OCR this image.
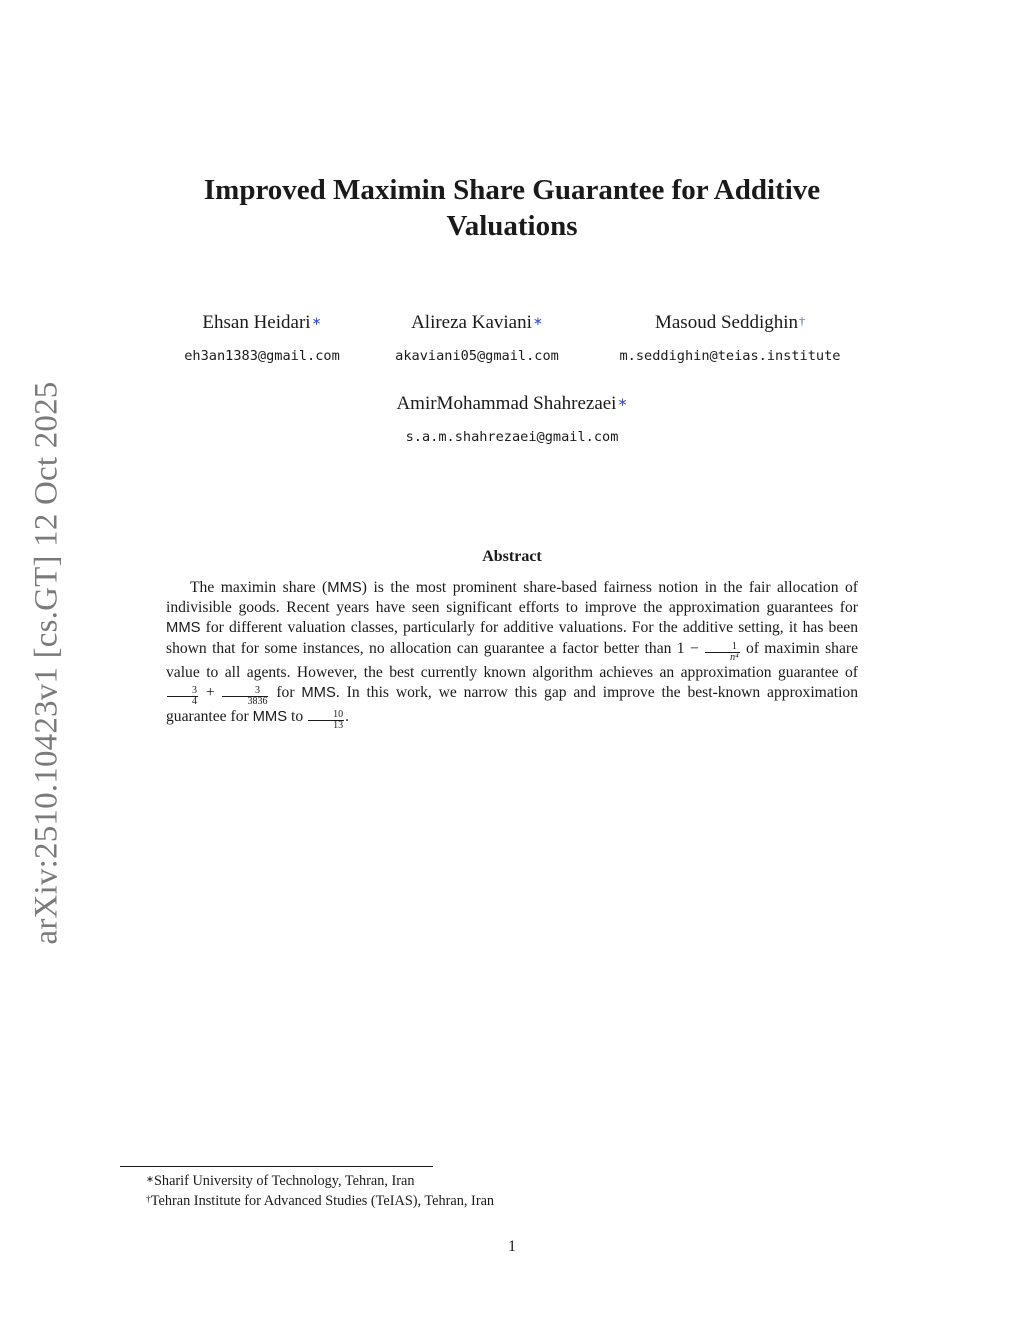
arXiv:2510.10423v1 [cs.GT] 12 Oct 2025
Improved Maximin Share Guarantee for Additive Valuations
Ehsan Heidari∗
eh3an1383@gmail.com
Alireza Kaviani∗
akaviani05@gmail.com
Masoud Seddighin†
m.seddighin@teias.institute
AmirMohammad Shahrezaei∗
s.a.m.shahrezaei@gmail.com
Abstract

The maximin share (MMS) is the most prominent share-based fairness notion in the fair allocation of indivisible goods. Recent years have seen significant efforts to improve the approximation guarantees for MMS for different valuation classes, particularly for additive valuations. For the additive setting, it has been shown that for some instances, no allocation can guarantee a factor better than $1 - \frac{1}{\text{n⁴}}$ of maximin share value to all agents. However, the best currently known algorithm achieves an approximation guarantee of
$\frac{3}{4} + \frac{3}{3836}$ for MMS. In this work, we narrow this gap and improve the best-known approximation guarantee for MMS to $\frac{10}{13}$ .

∗Sharif University of Technology, Tehran, Iran
†Tehran Institute for Advanced Studies (TeIAS), Tehran, Iran
1
